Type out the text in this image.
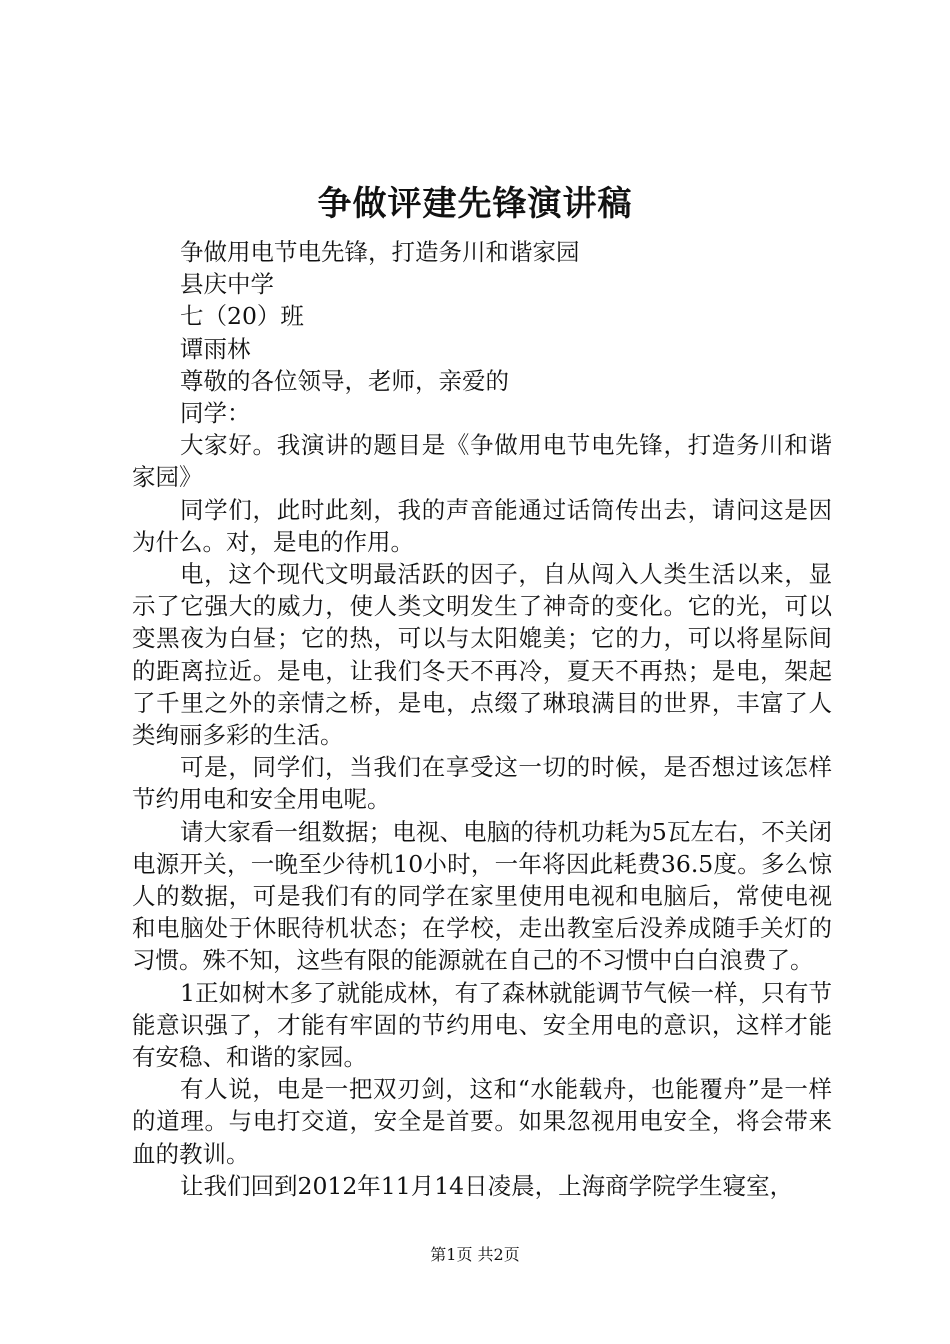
争做评建先锋演讲稿

争做用电节电先锋，打造务川和谐家园

县庆中学

七（20）班

谭雨林

尊敬的各位领导，老师，亲爱的

同学：

大家好。我演讲的题目是《争做用电节电先锋，打造务川和谐家园》

同学们，此时此刻，我的声音能通过话筒传出去，请问这是因为什么。对，是电的作用。

电，这个现代文明最活跃的因子，自从闯入人类生活以来，显示了它强大的威力，使人类文明发生了神奇的变化。它的光，可以变黑夜为白昼；它的热，可以与太阳媲美；它的力，可以将星际间的距离拉近。是电，让我们冬天不再冷，夏天不再热；是电，架起了千里之外的亲情之桥，是电，点缀了琳琅满目的世界，丰富了人类绚丽多彩的生活。

可是，同学们，当我们在享受这一切的时候，是否想过该怎样节约用电和安全用电呢。

请大家看一组数据；电视、电脑的待机功耗为5瓦左右，不关闭电源开关，一晚至少待机10小时，一年将因此耗费36.5度。多么惊人的数据，可是我们有的同学在家里使用电视和电脑后，常使电视和电脑处于休眠待机状态；在学校，走出教室后没养成随手关灯的习惯。殊不知，这些有限的能源就在自己的不习惯中白白浪费了。

1正如树木多了就能成林，有了森林就能调节气候一样，只有节能意识强了，才能有牢固的节约用电、安全用电的意识，这样才能有安稳、和谐的家园。

有人说，电是一把双刃剑，这和“水能载舟，也能覆舟”是一样的道理。与电打交道，安全是首要。如果忽视用电安全，将会带来血的教训。

让我们回到2012年11月14日凌晨，上海商学院学生寝室，

第1页 共2页
